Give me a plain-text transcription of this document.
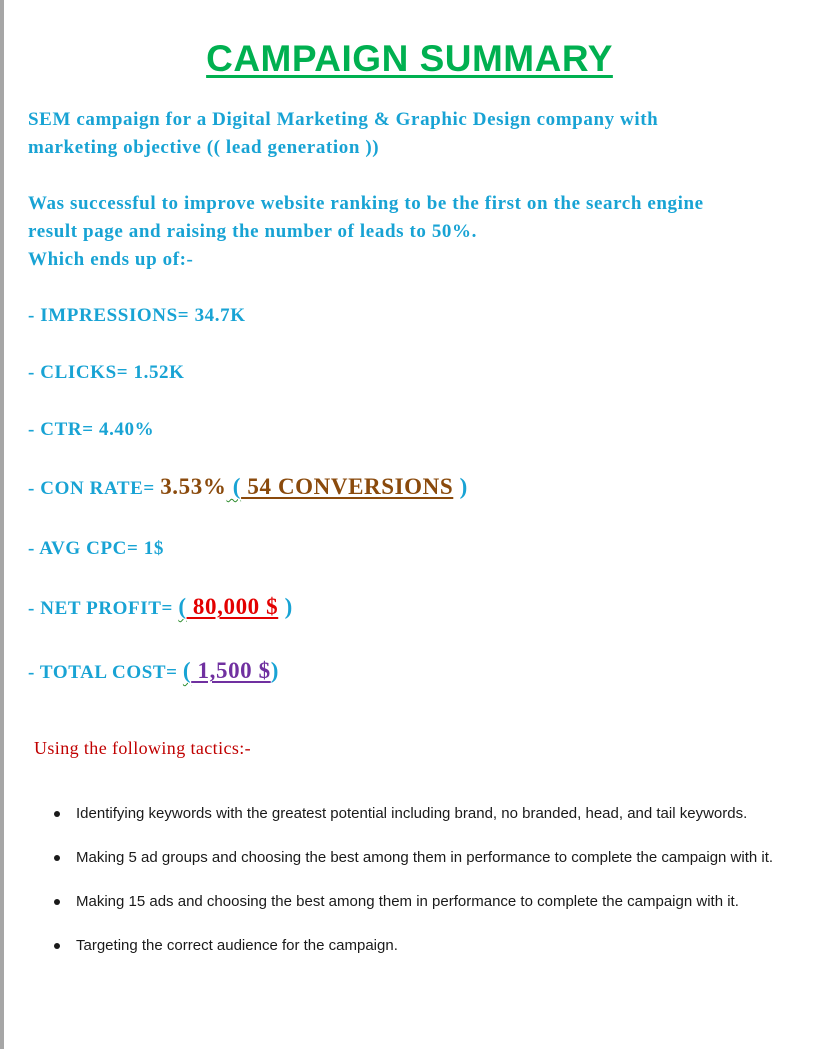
CAMPAIGN SUMMARY
SEM campaign for a Digital Marketing & Graphic Design company with
marketing objective (( lead generation ))
Was successful to improve website ranking to be the first on the search engine
result page and raising the number of leads to 50%.
Which ends up of:-
- IMPRESSIONS= 34.7K
- CLICKS= 1.52K
- CTR= 4.40%
- CON RATE= 3.53% ( 54 CONVERSIONS )
- AVG CPC= 1$
- NET PROFIT= ( 80,000 $ )
- TOTAL COST= ( 1,500 $)
Using the following tactics:-
Identifying keywords with the greatest potential including brand, no branded, head, and tail keywords.
Making 5 ad groups and choosing the best among them in performance to complete the campaign with it.
Making 15 ads and choosing the best among them in performance to complete the campaign with it.
Targeting the correct audience for the campaign.
